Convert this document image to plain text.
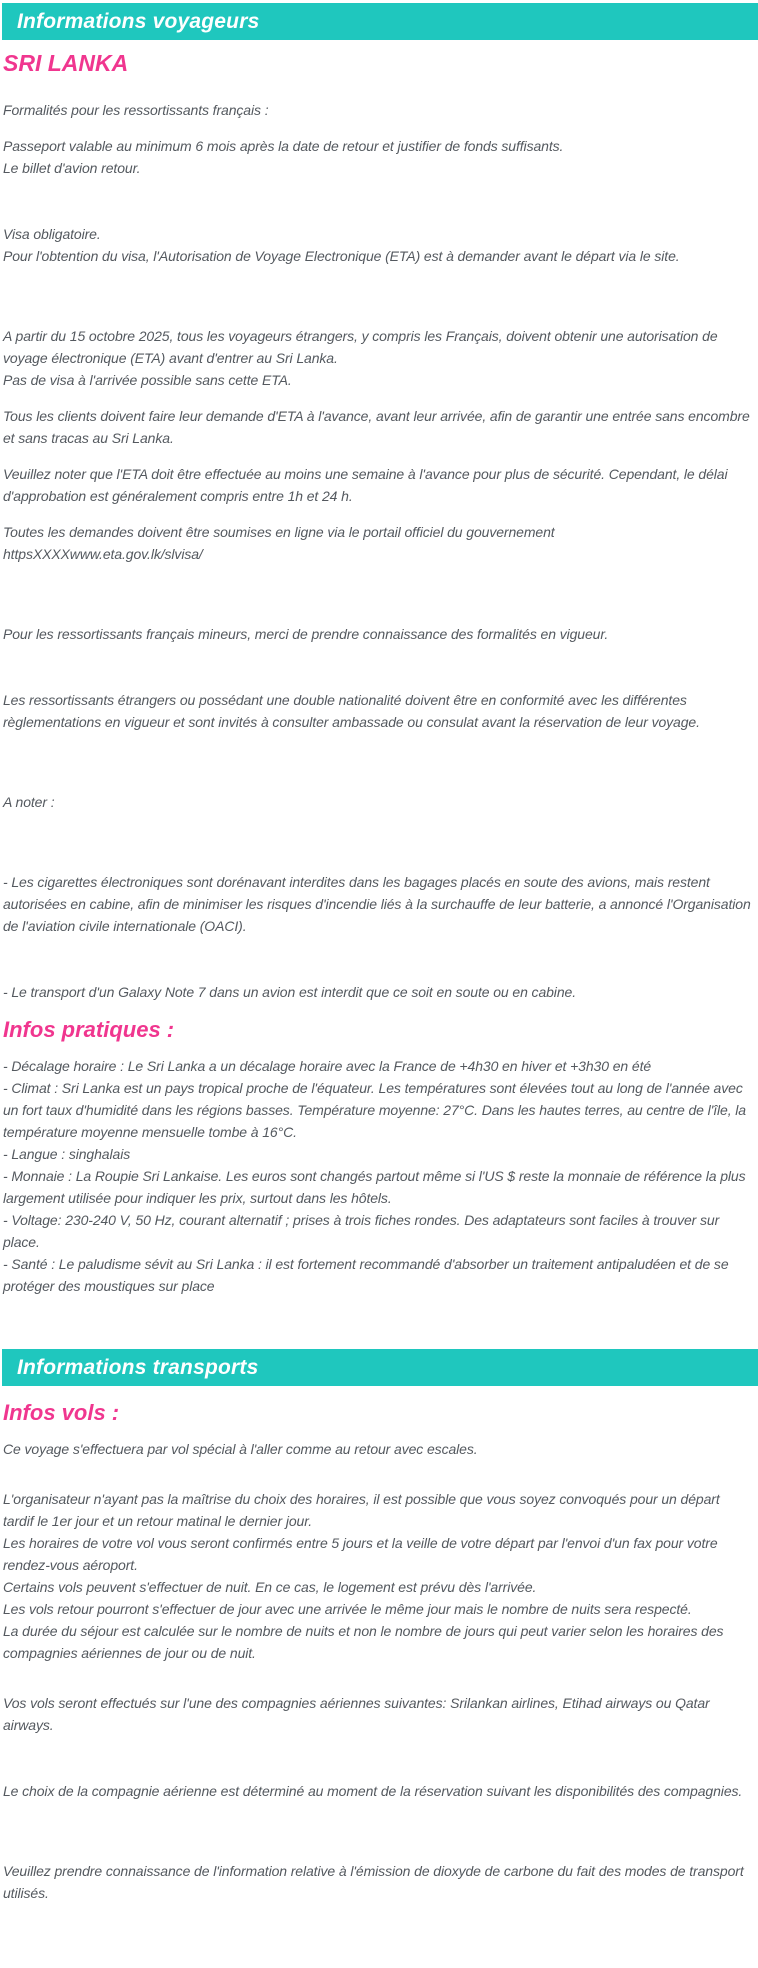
Informations voyageurs
SRI LANKA

Formalités pour les ressortissants français :

Passeport valable au minimum 6 mois après la date de retour et justifier de fonds suffisants.

Le billet d'avion retour.

Visa obligatoire.

Pour l'obtention du visa, l'Autorisation de Voyage Electronique (ETA) est à demander avant le départ via le site.

A partir du 15 octobre 2025, tous les voyageurs étrangers, y compris les Français, doivent obtenir une autorisation de voyage électronique (ETA) avant d'entrer au Sri Lanka.

Pas de visa à l'arrivée possible sans cette ETA.

Tous les clients doivent faire leur demande d'ETA à l'avance, avant leur arrivée, afin de garantir une entrée sans encombre et sans tracas au Sri Lanka.

Veuillez noter que l'ETA doit être effectuée au moins une semaine à l'avance pour plus de sécurité. Cependant, le délai d'approbation est généralement compris entre 1h et 24 h.

Toutes les demandes doivent être soumises en ligne via le portail officiel du gouvernement

httpsXXXXwww.eta.gov.lk/slvisa/

Pour les ressortissants français mineurs, merci de prendre connaissance des formalités en vigueur.

Les ressortissants étrangers ou possédant une double nationalité doivent être en conformité avec les différentes règlementations en vigueur et sont invités à consulter ambassade ou consulat avant la réservation de leur voyage.

A noter :

- Les cigarettes électroniques sont dorénavant interdites dans les bagages placés en soute des avions, mais restent autorisées en cabine, afin de minimiser les risques d'incendie liés à la surchauffe de leur batterie, a annoncé l'Organisation de l'aviation civile internationale (OACI).

- Le transport d'un Galaxy Note 7 dans un avion est interdit que ce soit en soute ou en cabine.

Infos pratiques :

- Décalage horaire : Le Sri Lanka a un décalage horaire avec la France de +4h30 en hiver et +3h30 en été

- Climat : Sri Lanka est un pays tropical proche de l'équateur. Les températures sont élevées tout au long de l'année avec un fort taux d'humidité dans les régions basses. Température moyenne: 27°C. Dans les hautes terres, au centre de l'île, la température moyenne mensuelle tombe à 16°C.

- Langue : singhalais

- Monnaie : La Roupie Sri Lankaise. Les euros sont changés partout même si l'US $ reste la monnaie de référence la plus largement utilisée pour indiquer les prix, surtout dans les hôtels.

- Voltage: 230-240 V, 50 Hz, courant alternatif ; prises à trois fiches rondes. Des adaptateurs sont faciles à trouver sur place.

- Santé : Le paludisme sévit au Sri Lanka : il est fortement recommandé d'absorber un traitement antipaludéen et de se protéger des moustiques sur place

Informations transports
Infos vols :

Ce voyage s'effectuera par vol spécial à l'aller comme au retour avec escales.

L'organisateur n'ayant pas la maîtrise du choix des horaires, il est possible que vous soyez convoqués pour un départ tardif le 1er jour et un retour matinal le dernier jour.

Les horaires de votre vol vous seront confirmés entre 5 jours et la veille de votre départ par l'envoi d'un fax pour votre rendez-vous aéroport.

Certains vols peuvent s'effectuer de nuit. En ce cas, le logement est prévu dès l'arrivée.

Les vols retour pourront s'effectuer de jour avec une arrivée le même jour mais le nombre de nuits sera respecté.

La durée du séjour est calculée sur le nombre de nuits et non le nombre de jours qui peut varier selon les horaires des compagnies aériennes de jour ou de nuit.

Vos vols seront effectués sur l'une des compagnies aériennes suivantes: Srilankan airlines, Etihad airways ou Qatar airways.

Le choix de la compagnie aérienne est déterminé au moment de la réservation suivant les disponibilités des compagnies.

Veuillez prendre connaissance de l'information relative à l'émission de dioxyde de carbone du fait des modes de transport utilisés.
